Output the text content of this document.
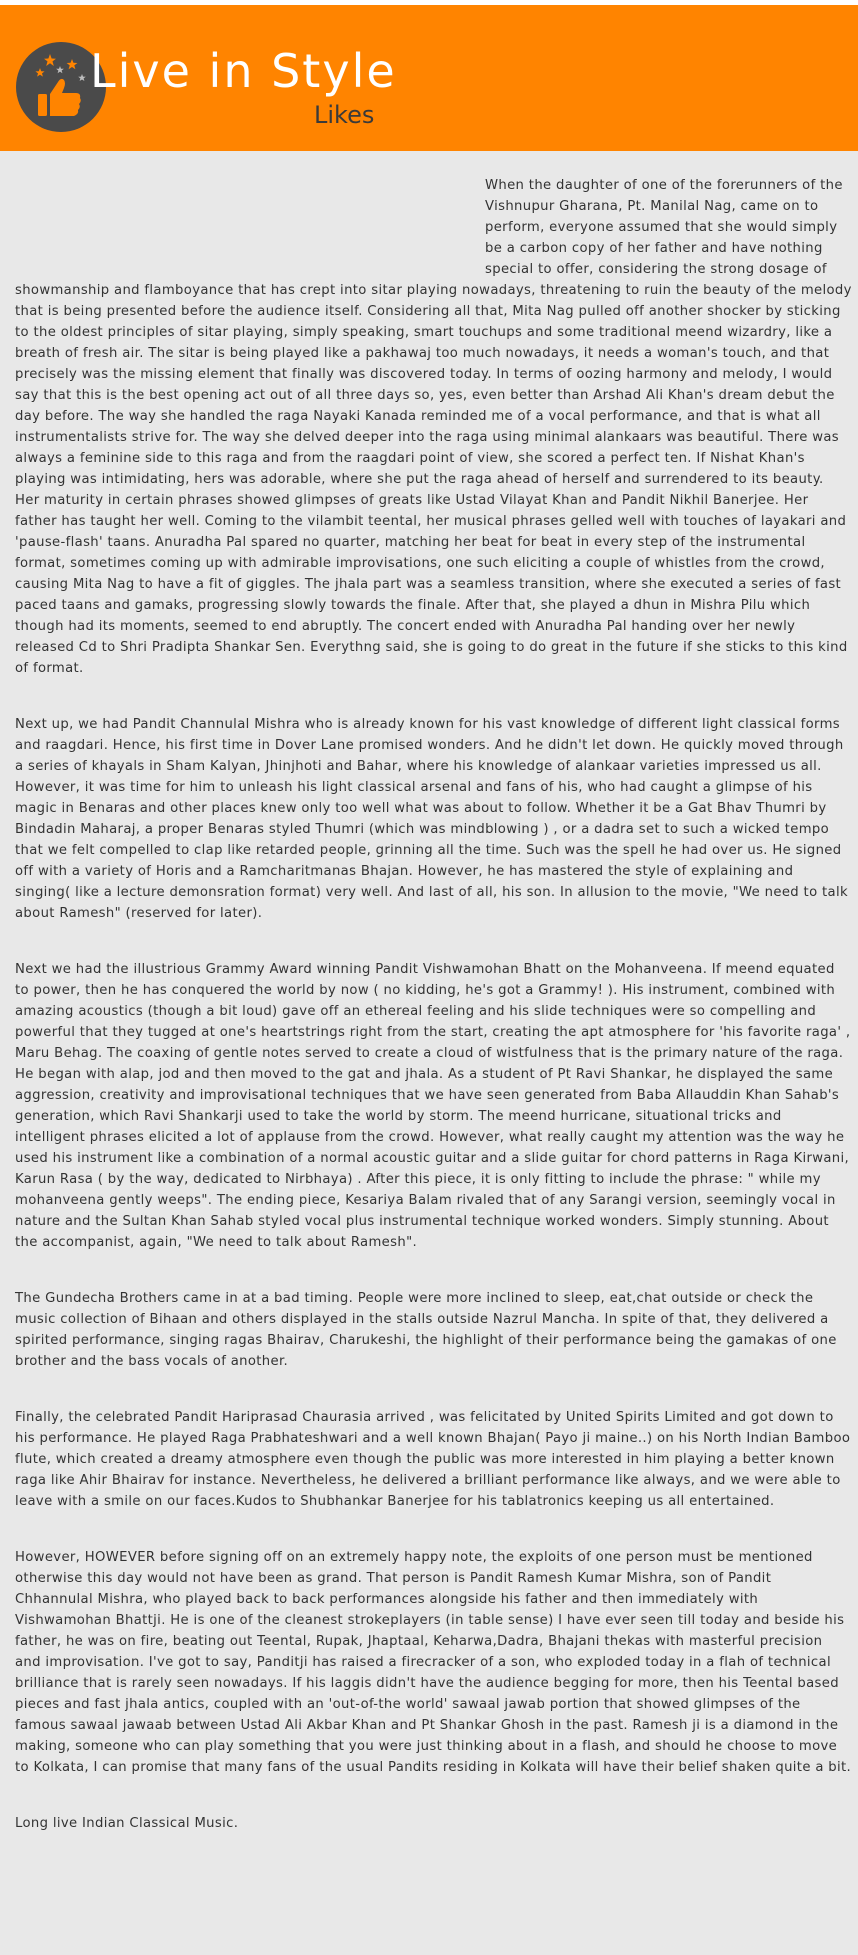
Live in Style
Likes

When the daughter of one of the forerunners of the Vishnupur Gharana, Pt. Manilal Nag, came on to perform, everyone assumed that she would simply be a carbon copy of her father and have nothing special to offer, considering the strong dosage of showmanship and flamboyance that has crept into sitar playing nowadays, threatening to ruin the beauty of the melody that is being presented before the audience itself. Considering all that, Mita Nag pulled off another shocker by sticking to the oldest principles of sitar playing, simply speaking, smart touchups and some traditional meend wizardry, like a breath of fresh air. The sitar is being played like a pakhawaj too much nowadays, it needs a woman's touch, and that precisely was the missing element that finally was discovered today. In terms of oozing harmony and melody, I would say that this is the best opening act out of all three days so, yes, even better than Arshad Ali Khan's dream debut the day before. The way she handled the raga Nayaki Kanada reminded me of a vocal performance, and that is what all instrumentalists strive for. The way she delved deeper into the raga using minimal alankaars was beautiful. There was always a feminine side to this raga and from the raagdari point of view, she scored a perfect ten. If Nishat Khan's playing was intimidating, hers was adorable, where she put the raga ahead of herself and surrendered to its beauty. Her maturity in certain phrases showed glimpses of greats like Ustad Vilayat Khan and Pandit Nikhil Banerjee. Her father has taught her well. Coming to the vilambit teental, her musical phrases gelled well with touches of layakari and 'pause-flash' taans. Anuradha Pal spared no quarter, matching her beat for beat in every step of the instrumental format, sometimes coming up with admirable improvisations, one such eliciting a couple of whistles from the crowd, causing Mita Nag to have a fit of giggles. The jhala part was a seamless transition, where she executed a series of fast paced taans and gamaks, progressing slowly towards the finale. After that, she played a dhun in Mishra Pilu which though had its moments, seemed to end abruptly. The concert ended with Anuradha Pal handing over her newly released Cd to Shri Pradipta Shankar Sen. Everythng said, she is going to do great in the future if she sticks to this kind of format.

Next up, we had Pandit Channulal Mishra who is already known for his vast knowledge of different light classical forms and raagdari. Hence, his first time in Dover Lane promised wonders. And he didn't let down. He quickly moved through a series of khayals in Sham Kalyan, Jhinjhoti and Bahar, where his knowledge of alankaar varieties impressed us all. However, it was time for him to unleash his light classical arsenal and fans of his, who had caught a glimpse of his magic in Benaras and other places knew only too well what was about to follow. Whether it be a Gat Bhav Thumri by Bindadin Maharaj, a proper Benaras styled Thumri (which was mindblowing ) , or a dadra set to such a wicked tempo that we felt compelled to clap like retarded people, grinning all the time. Such was the spell he had over us. He signed off with a variety of Horis and a Ramcharitmanas Bhajan. However, he has mastered the style of explaining and singing( like a lecture demonsration format) very well. And last of all, his son. In allusion to the movie, "We need to talk about Ramesh" (reserved for later).

Next we had the illustrious Grammy Award winning Pandit Vishwamohan Bhatt on the Mohanveena. If meend equated to power, then he has conquered the world by now ( no kidding, he's got a Grammy! ). His instrument, combined with amazing acoustics (though a bit loud) gave off an ethereal feeling and his slide techniques were so compelling and powerful that they tugged at one's heartstrings right from the start, creating the apt atmosphere for 'his favorite raga' , Maru Behag. The coaxing of gentle notes served to create a cloud of wistfulness that is the primary nature of the raga. He began with alap, jod and then moved to the gat and jhala. As a student of Pt Ravi Shankar, he displayed the same aggression, creativity and improvisational techniques that we have seen generated from Baba Allauddin Khan Sahab's generation, which Ravi Shankarji used to take the world by storm. The meend hurricane, situational tricks and intelligent phrases elicited a lot of applause from the crowd. However, what really caught my attention was the way he used his instrument like a combination of a normal acoustic guitar and a slide guitar for chord patterns in Raga Kirwani, Karun Rasa ( by the way, dedicated to Nirbhaya) . After this piece, it is only fitting to include the phrase: " while my mohanveena gently weeps". The ending piece, Kesariya Balam rivaled that of any Sarangi version, seemingly vocal in nature and the Sultan Khan Sahab styled vocal plus instrumental technique worked wonders. Simply stunning. About the accompanist, again, "We need to talk about Ramesh".

The Gundecha Brothers came in at a bad timing. People were more inclined to sleep, eat,chat outside or check the music collection of Bihaan and others displayed in the stalls outside Nazrul Mancha. In spite of that, they delivered a spirited performance, singing ragas Bhairav, Charukeshi, the highlight of their performance being the gamakas of one brother and the bass vocals of another.

Finally, the celebrated Pandit Hariprasad Chaurasia arrived , was felicitated by United Spirits Limited and got down to his performance. He played Raga Prabhateshwari and a well known Bhajan( Payo ji maine..) on his North Indian Bamboo flute, which created a dreamy atmosphere even though the public was more interested in him playing a better known raga like Ahir Bhairav for instance. Nevertheless, he delivered a brilliant performance like always, and we were able to leave with a smile on our faces.Kudos to Shubhankar Banerjee for his tablatronics keeping us all entertained.

However, HOWEVER before signing off on an extremely happy note, the exploits of one person must be mentioned otherwise this day would not have been as grand. That person is Pandit Ramesh Kumar Mishra, son of Pandit Chhannulal Mishra, who played back to back performances alongside his father and then immediately with Vishwamohan Bhattji. He is one of the cleanest strokeplayers (in table sense) I have ever seen till today and beside his father, he was on fire, beating out Teental, Rupak, Jhaptaal, Keharwa,Dadra, Bhajani thekas with masterful precision and improvisation. I've got to say, Panditji has raised a firecracker of a son, who exploded today in a flah of technical brilliance that is rarely seen nowadays. If his laggis didn't have the audience begging for more, then his Teental based pieces and fast jhala antics, coupled with an 'out-of-the world' sawaal jawab portion that showed glimpses of the famous sawaal jawaab between Ustad Ali Akbar Khan and Pt Shankar Ghosh in the past. Ramesh ji is a diamond in the making, someone who can play something that you were just thinking about in a flash, and should he choose to move to Kolkata, I can promise that many fans of the usual Pandits residing in Kolkata will have their belief shaken quite a bit.

Long live Indian Classical Music.
